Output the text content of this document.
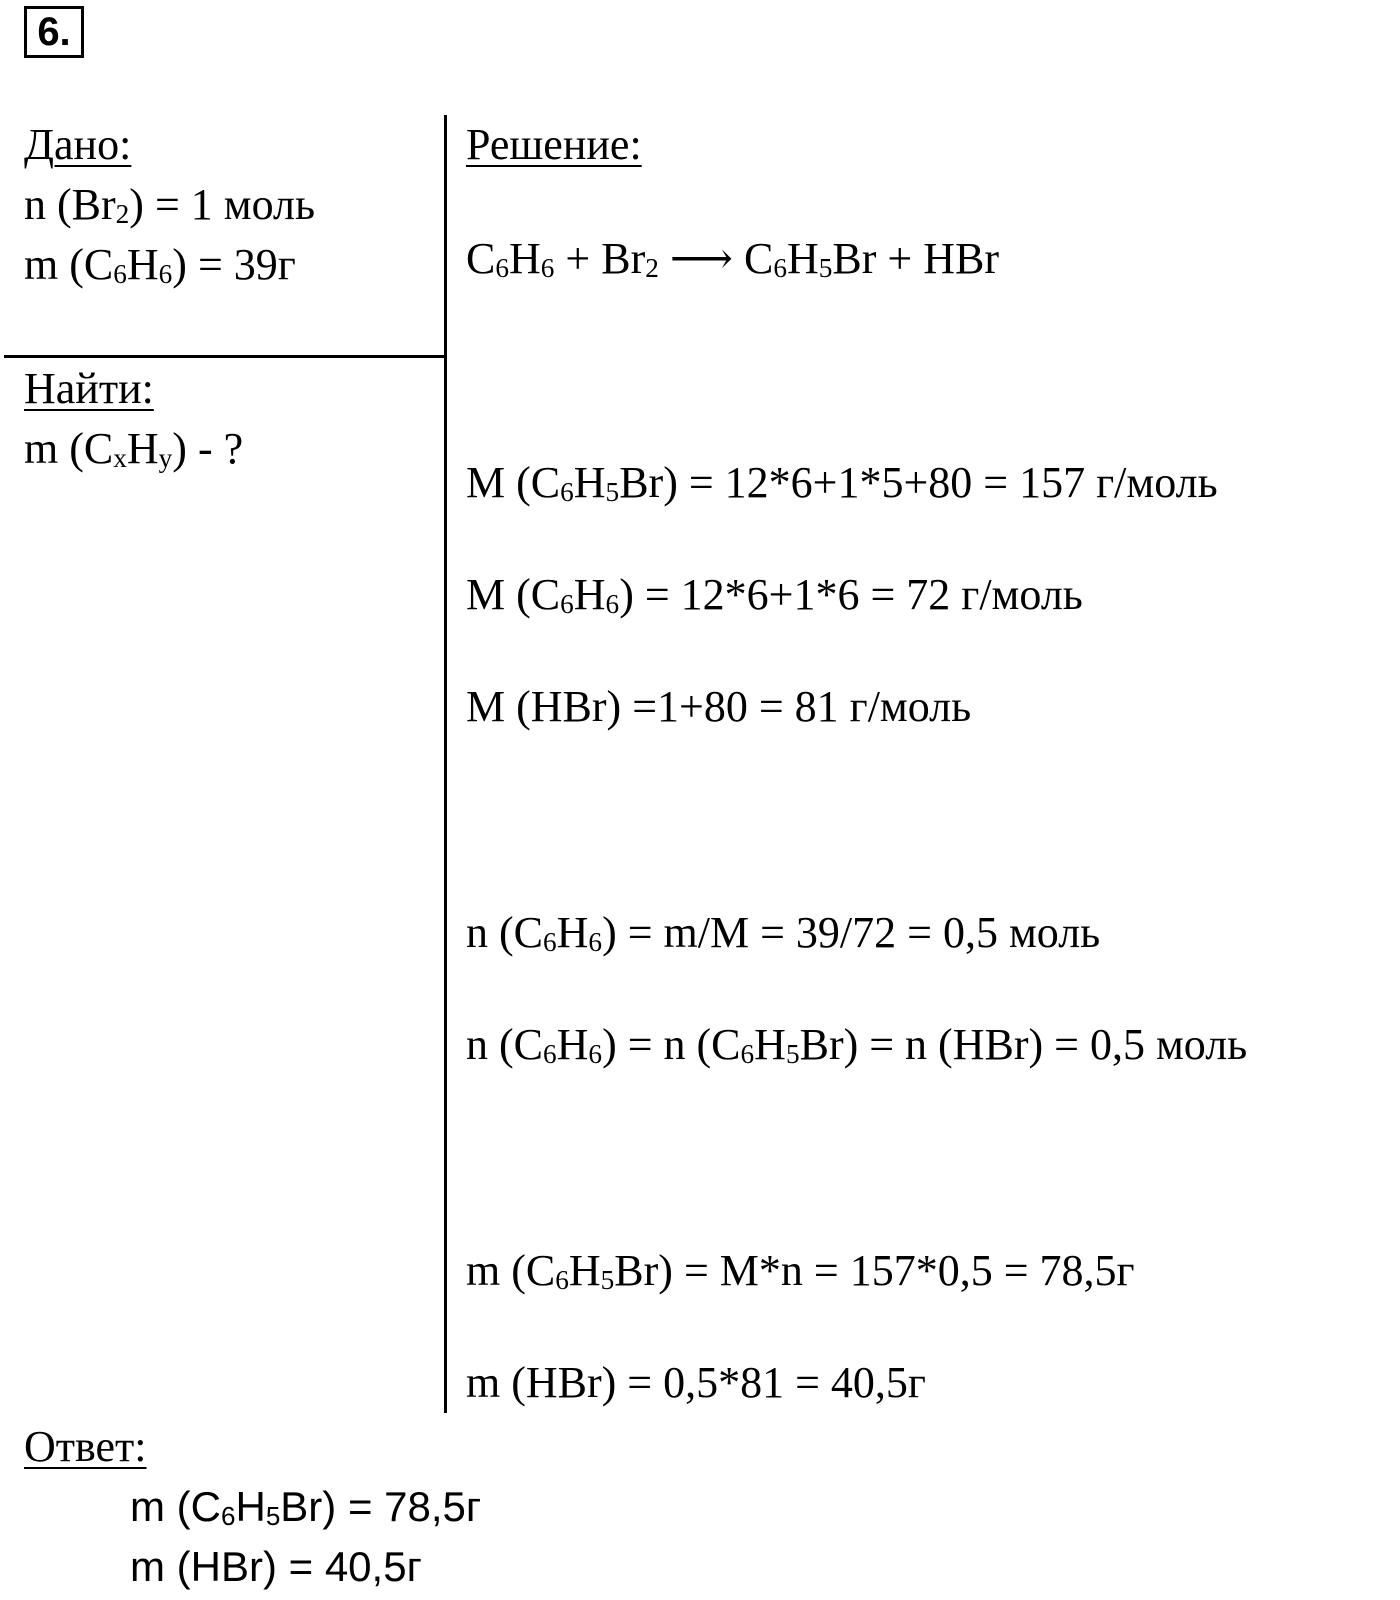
6.
Дано:
n $(Br_2) = 1$ моль
m $(C_6H_6) = 39г$
Найти:
m $(C_xH_y)$ - ?
Решение:
$C_6H_6 + Br_2$ ⟶ $C_6H_5Br$ + HBr
M $(C_6H_5Br) = 12*6+1*5+80 = 157$ г/моль
M $(C_6H_6) = 12*6+1*6 = 72$ г/моль
M (HBr) =1+80 = 81 г/моль
n $(C_6H_6) = m/M = 39/72 = 0,5$ моль
n $(C_6H_6) = n$ $(C_6H_5Br) = n$ (HBr) = 0,5 моль
m $(C_6H_5Br) = M*n = 157*0,5 = 78,5г$
m (HBr) = 0,5*81 = 40,5г
Ответ:
m $(C_6H_5Br) = 78,5г$
m (HBr) = 40,5г
